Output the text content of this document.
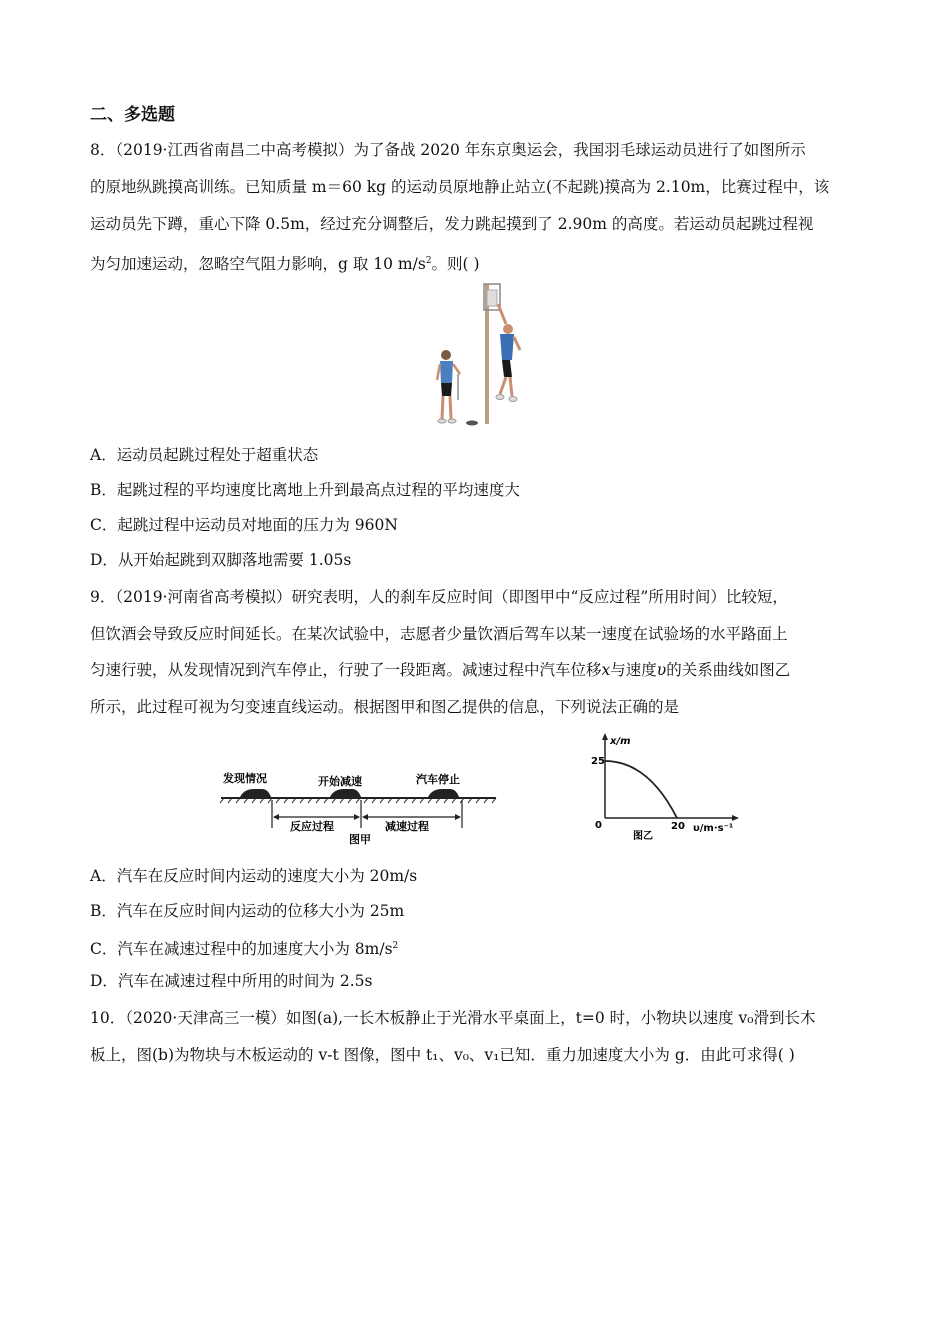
二、多选题
8．（2019·江西省南昌二中高考模拟）为了备战 2020 年东京奥运会，我国羽毛球运动员进行了如图所示
的原地纵跳摸高训练。已知质量 m＝60 kg 的运动员原地静止站立(不起跳)摸高为 2.10m，比赛过程中，该
运动员先下蹲，重心下降 0.5m，经过充分调整后，发力跳起摸到了 2.90m 的高度。若运动员起跳过程视
为匀加速运动，忽略空气阻力影响，g 取 10 $m/s^2$。则( )
A．运动员起跳过程处于超重状态
B．起跳过程的平均速度比离地上升到最高点过程的平均速度大
C．起跳过程中运动员对地面的压力为 960N
D．从开始起跳到双脚落地需要 1.05s
9．（2019·河南省高考模拟）研究表明，人的刹车反应时间（即图甲中“反应过程”所用时间）比较短，
但饮酒会导致反应时间延长。在某次试验中，志愿者少量饮酒后驾车以某一速度在试验场的水平路面上
匀速行驶，从发现情况到汽车停止，行驶了一段距离。减速过程中汽车位移x与速度υ的关系曲线如图乙
所示，此过程可视为匀变速直线运动。根据图甲和图乙提供的信息，下列说法正确的是
发现情况	开始减速	汽车停止
反应过程	减速过程
图甲
x/m
25
0	20 υ/m·s⁻¹
图乙
A．汽车在反应时间内运动的速度大小为 20m/s
B．汽车在反应时间内运动的位移大小为 25m
C．汽车在减速过程中的加速度大小为 $8m/s^2$
D．汽车在减速过程中所用的时间为 2.5s
10．（2020·天津高三一模）如图(a),一长木板静止于光滑水平桌面上，t=0 时，小物块以速度 v₀滑到长木
板上，图(b)为物块与木板运动的 v-t 图像，图中 t₁、v₀、v₁已知．重力加速度大小为 g．由此可求得( )
